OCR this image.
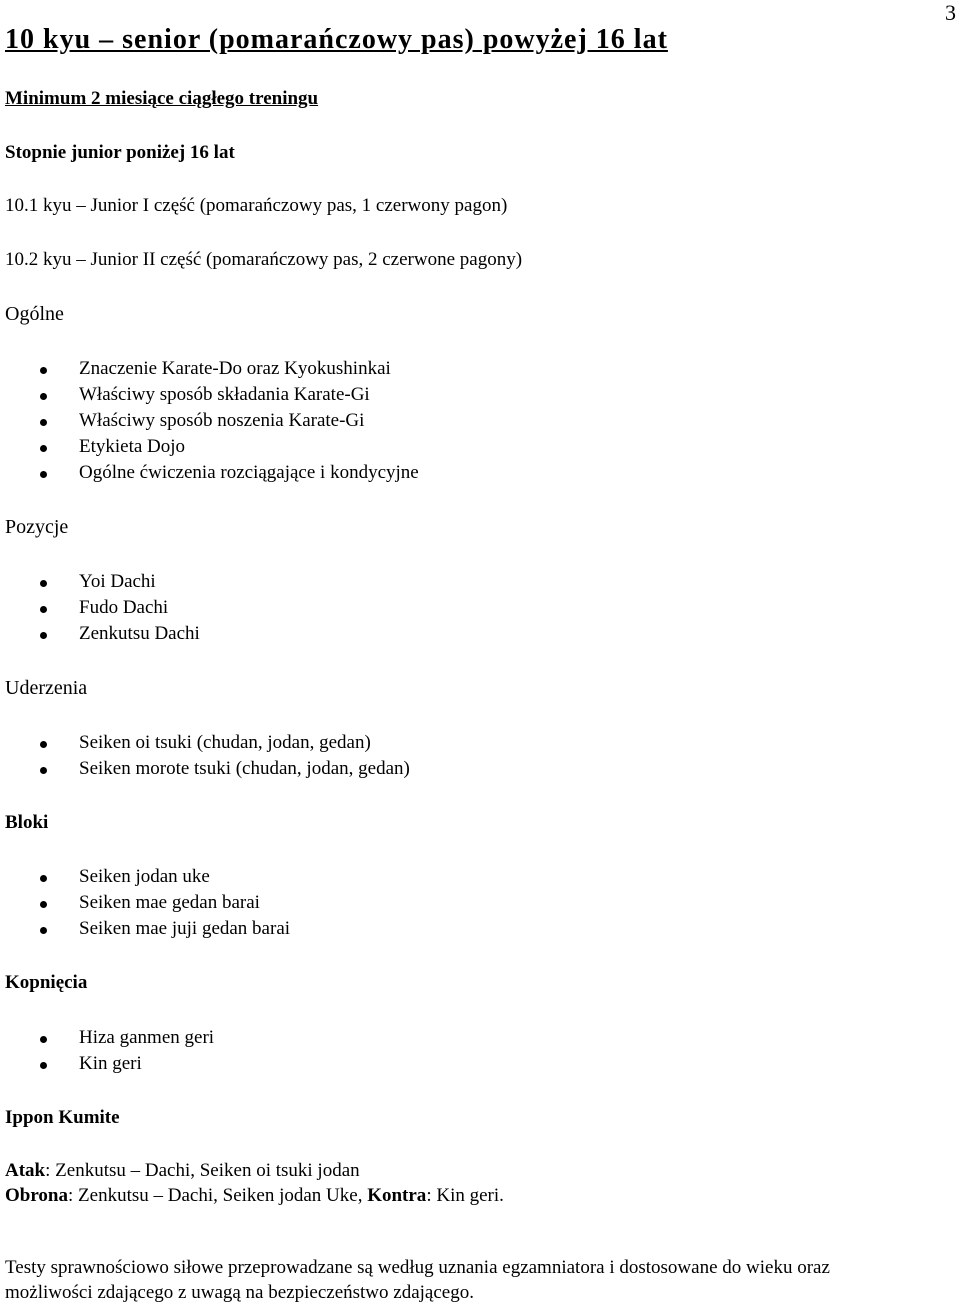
3
10 kyu – senior (pomarańczowy pas) powyżej 16 lat
Minimum 2 miesiące ciągłego treningu
Stopnie junior poniżej 16 lat
10.1 kyu – Junior I część (pomarańczowy pas, 1 czerwony pagon)
10.2 kyu – Junior II część (pomarańczowy pas, 2 czerwone pagony)
Ogólne
Znaczenie Karate-Do oraz Kyokushinkai
Właściwy sposób składania Karate-Gi
Właściwy sposób noszenia Karate-Gi
Etykieta Dojo
Ogólne ćwiczenia rozciągające i kondycyjne
Pozycje
Yoi Dachi
Fudo Dachi
Zenkutsu Dachi
Uderzenia
Seiken oi tsuki (chudan, jodan, gedan)
Seiken morote tsuki (chudan, jodan, gedan)
Bloki
Seiken jodan uke
Seiken mae gedan barai
Seiken mae juji gedan barai
Kopnięcia
Hiza ganmen geri
Kin geri
Ippon Kumite
Atak: Zenkutsu – Dachi, Seiken oi tsuki jodan
Obrona: Zenkutsu – Dachi, Seiken jodan Uke, Kontra: Kin geri.
Testy sprawnościowo siłowe przeprowadzane są według uznania egzamniatora i dostosowane do wieku oraz
możliwości zdającego z uwagą na bezpieczeństwo zdającego.
